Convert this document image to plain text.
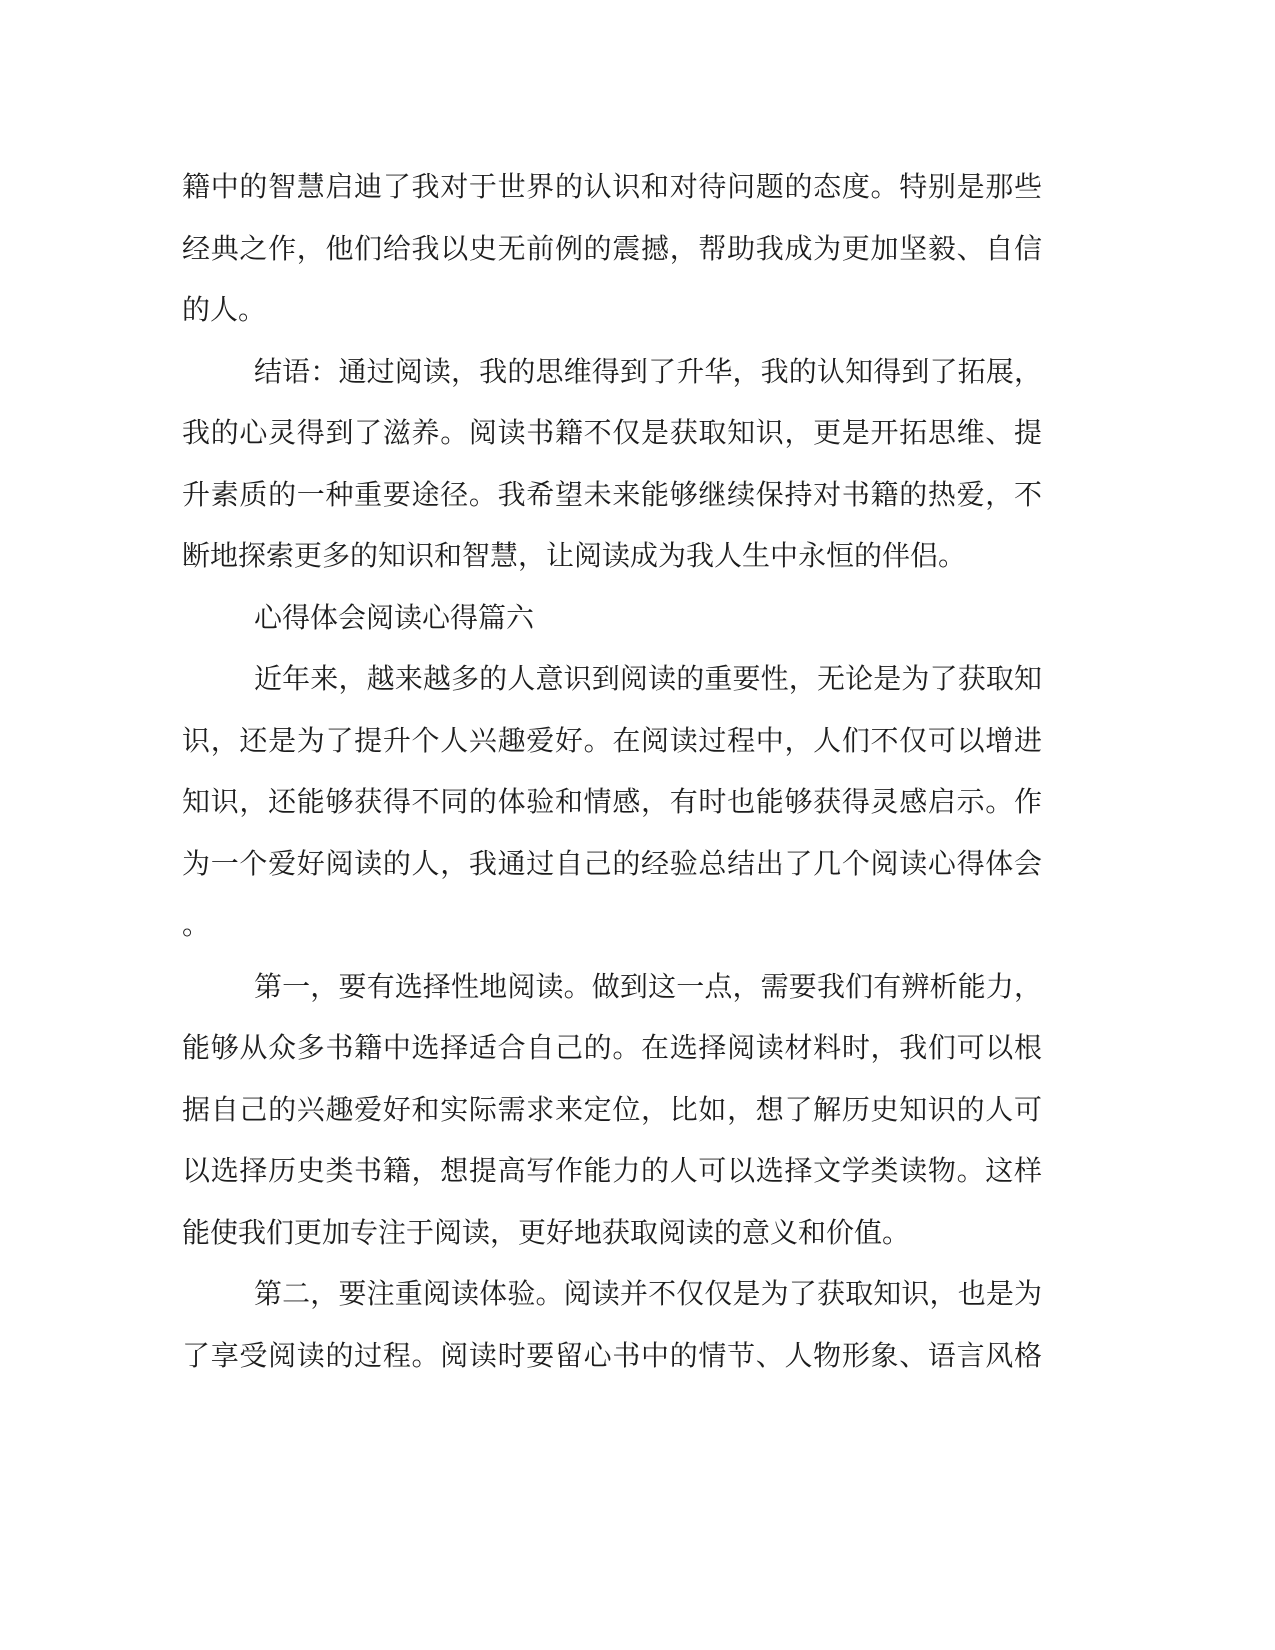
籍中的智慧启迪了我对于世界的认识和对待问题的态度。特别是那些
经典之作，他们给我以史无前例的震撼，帮助我成为更加坚毅、自信
的人。
结语：通过阅读，我的思维得到了升华，我的认知得到了拓展，
我的心灵得到了滋养。阅读书籍不仅是获取知识，更是开拓思维、提
升素质的一种重要途径。我希望未来能够继续保持对书籍的热爱，不
断地探索更多的知识和智慧，让阅读成为我人生中永恒的伴侣。
心得体会阅读心得篇六
近年来，越来越多的人意识到阅读的重要性，无论是为了获取知
识，还是为了提升个人兴趣爱好。在阅读过程中，人们不仅可以增进
知识，还能够获得不同的体验和情感，有时也能够获得灵感启示。作
为一个爱好阅读的人，我通过自己的经验总结出了几个阅读心得体会
。
第一，要有选择性地阅读。做到这一点，需要我们有辨析能力，
能够从众多书籍中选择适合自己的。在选择阅读材料时，我们可以根
据自己的兴趣爱好和实际需求来定位，比如，想了解历史知识的人可
以选择历史类书籍，想提高写作能力的人可以选择文学类读物。这样
能使我们更加专注于阅读，更好地获取阅读的意义和价值。
第二，要注重阅读体验。阅读并不仅仅是为了获取知识，也是为
了享受阅读的过程。阅读时要留心书中的情节、人物形象、语言风格
